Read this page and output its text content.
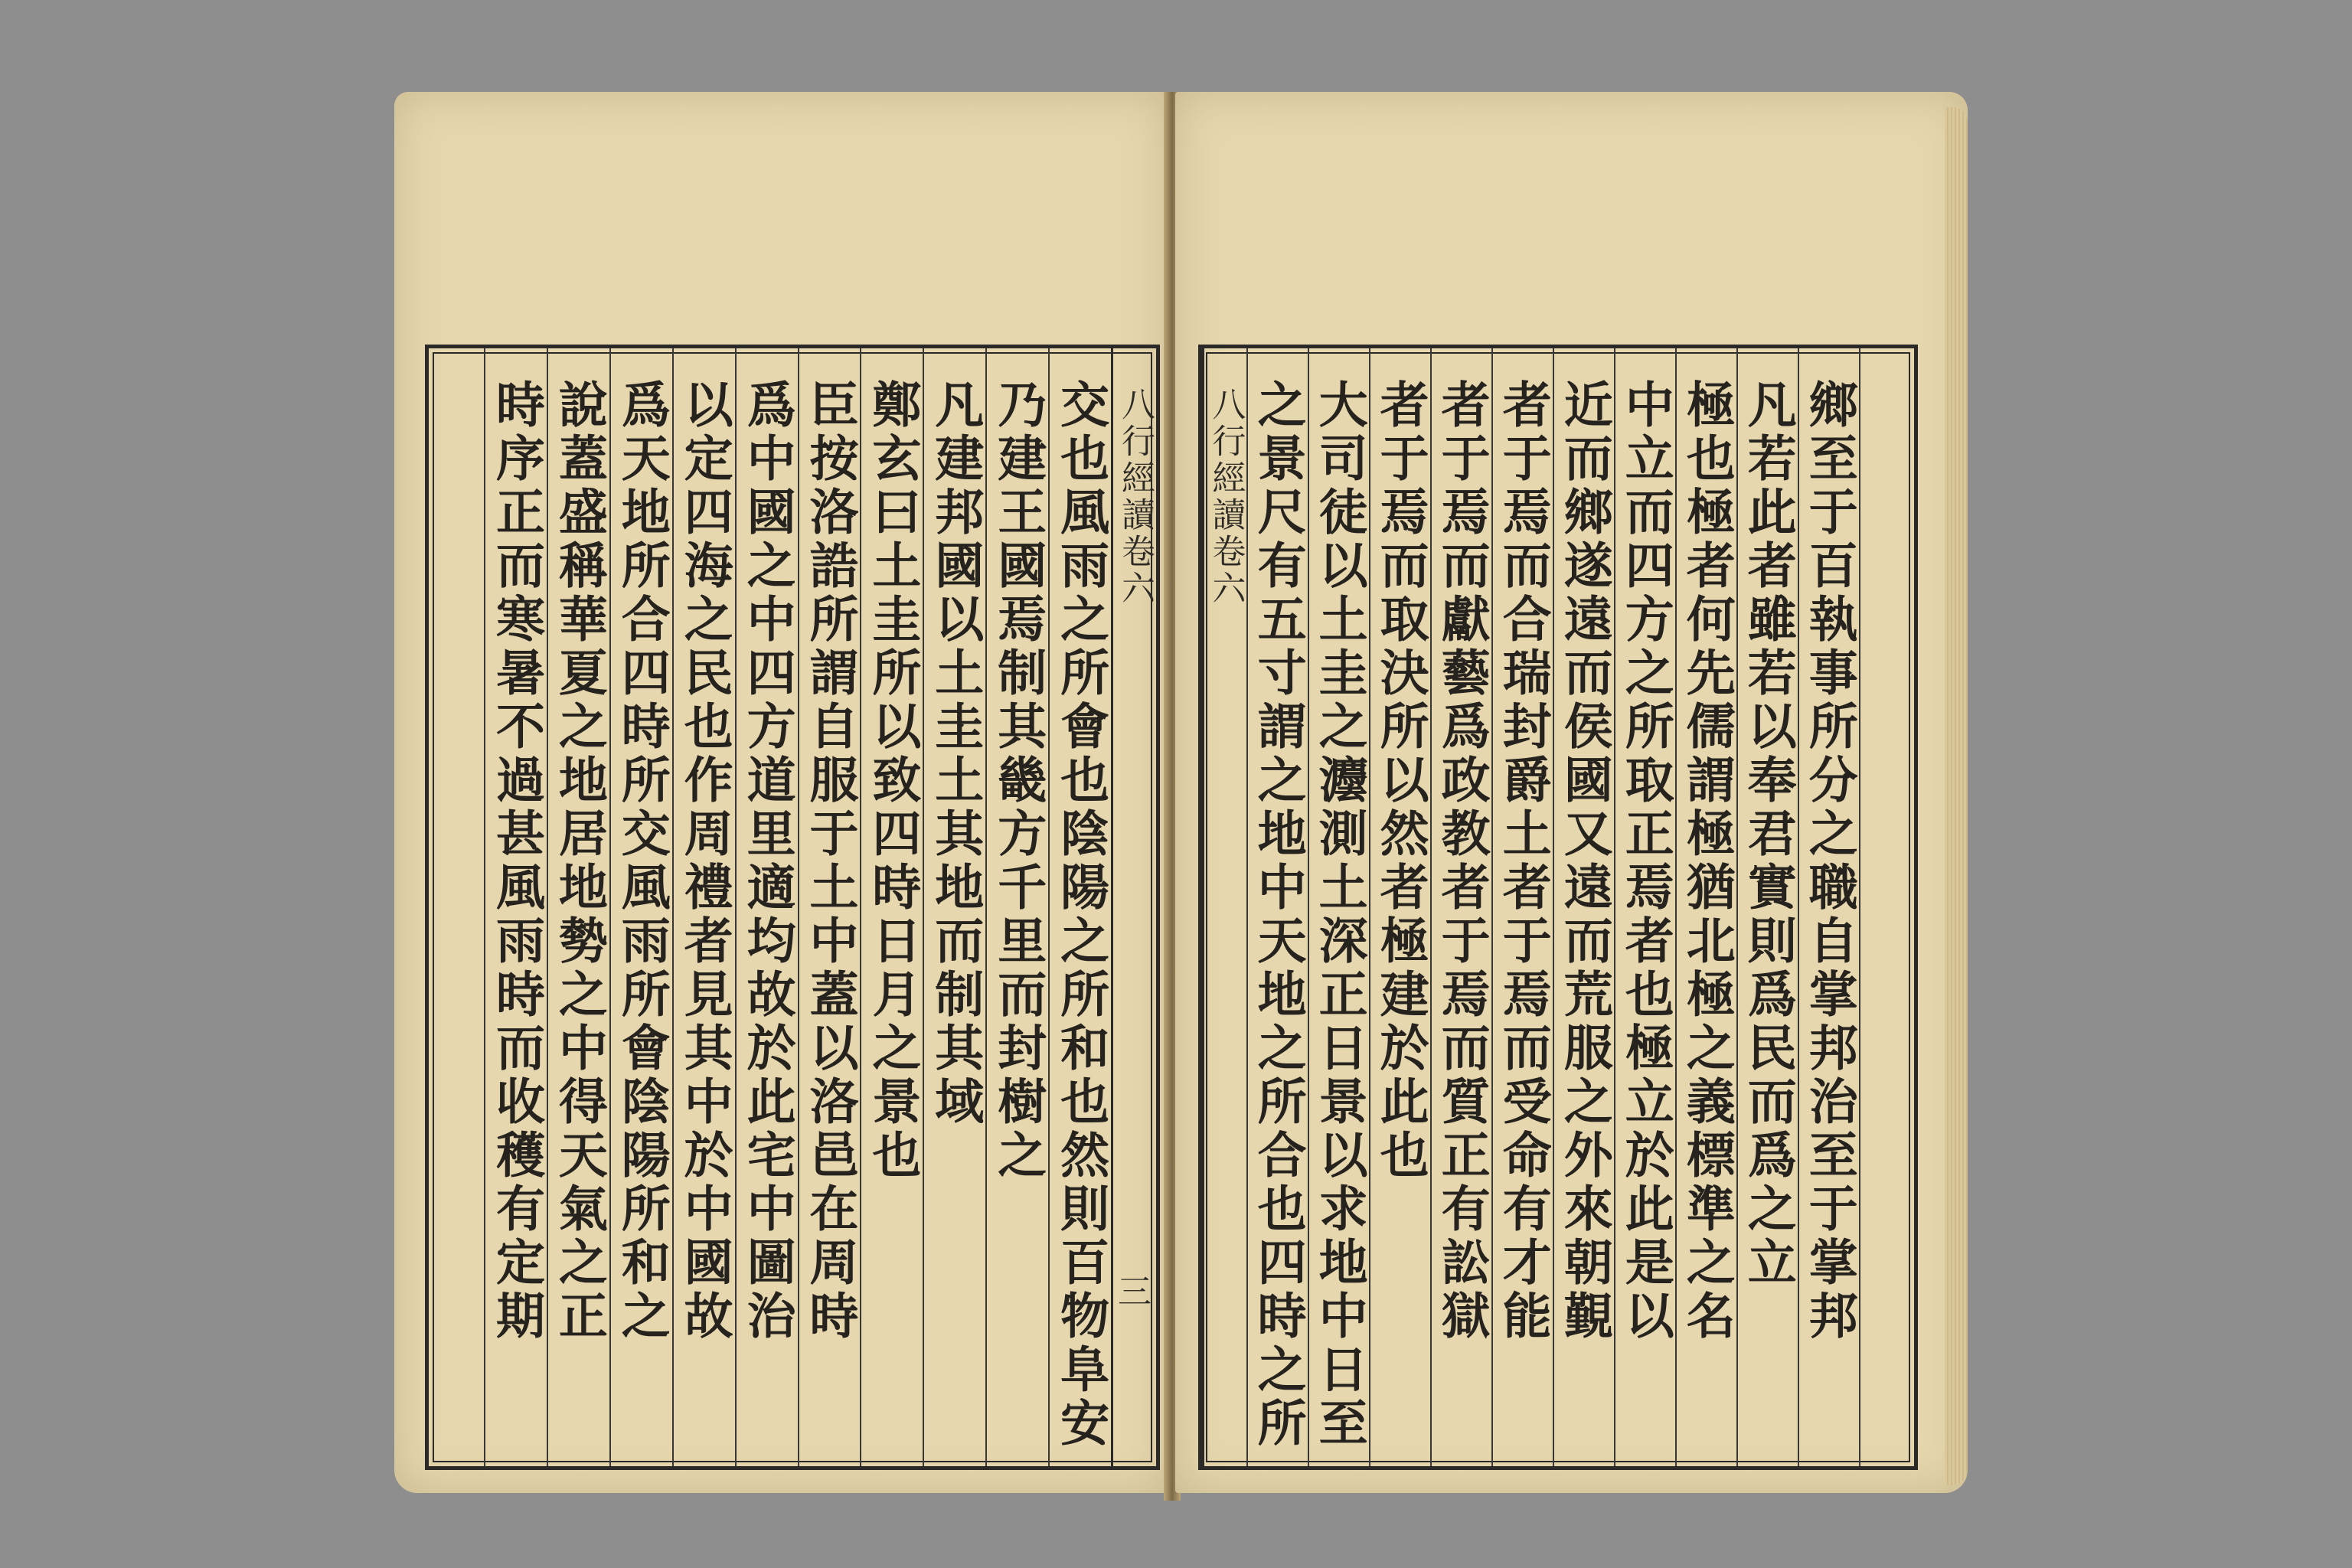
八行經讀卷六
三
交也風雨之所會也陰陽之所和也然則百物阜安
乃建王國焉制其畿方千里而封樹之
凡建邦國以土圭土其地而制其域
鄭玄曰土圭所以致四時日月之景也
臣按洛誥所謂自服于土中蓋以洛邑在周時
爲中國之中四方道里適均故於此宅中圖治
以定四海之民也作周禮者見其中於中國故
爲天地所合四時所交風雨所會陰陽所和之
說蓋盛稱華夏之地居地勢之中得天氣之正
時序正而寒暑不過甚風雨時而收穫有定期	鄉至于百執事所分之職自掌邦治至于掌邦
凡若此者雖若以奉君實則爲民而爲之立
極也極者何先儒謂極猶北極之義標準之名
中立而四方之所取正焉者也極立於此是以
近而鄉遂遠而侯國又遠而荒服之外來朝覲
者于焉而合瑞封爵土者于焉而受命有才能
者于焉而獻藝爲政教者于焉而質正有訟獄
者于焉而取決所以然者極建於此也
大司徒以土圭之灋測土深正日景以求地中日至
之景尺有五寸謂之地中天地之所合也四時之所
八行經讀卷六
